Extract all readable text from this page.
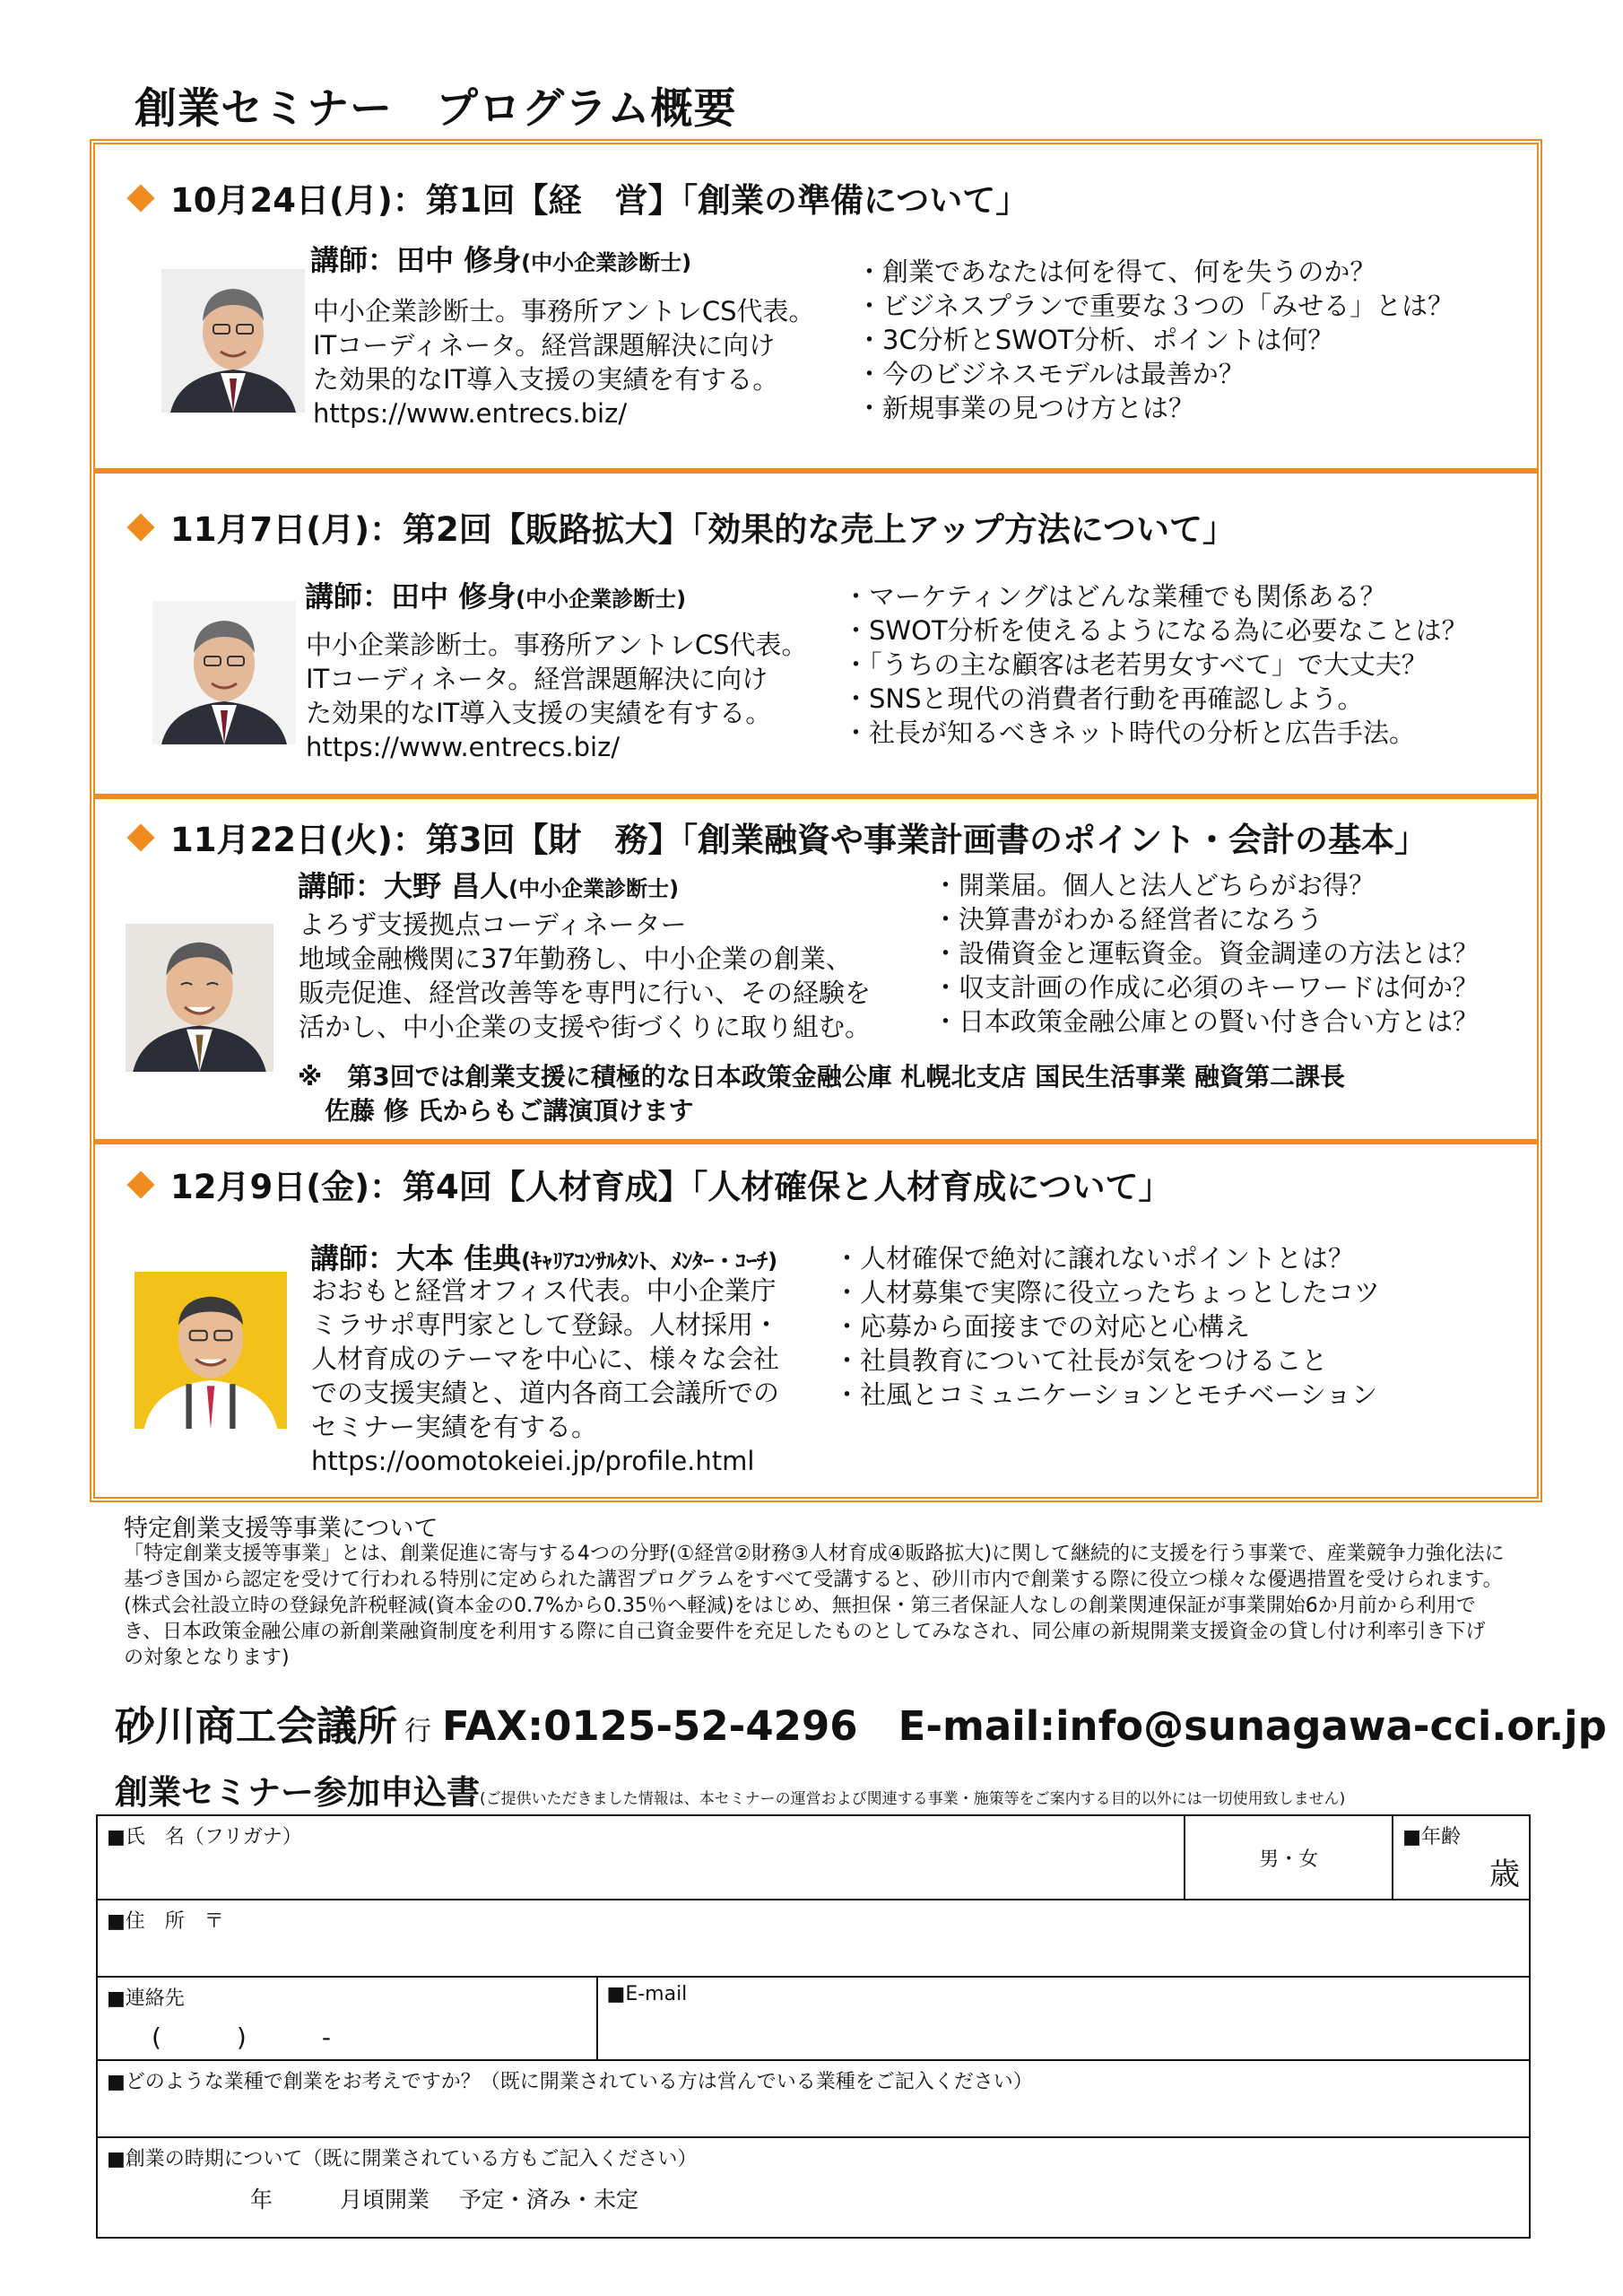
創業セミナー　プログラム概要
10月24日(月)：第1回【経　営】「創業の準備について」
講師：田中 修身(中小企業診断士)
中小企業診断士。事務所アントレCS代表。
ITコーディネータ。経営課題解決に向け
た効果的なIT導入支援の実績を有する。
https://www.entrecs.biz/
・ 創業であなたは何を得て、何を失うのか？
・ ビジネスプランで重要な３つの「みせる」とは？
・ 3C分析とSWOT分析、ポイントは何？
・ 今のビジネスモデルは最善か？
・ 新規事業の見つけ方とは？
11月7日(月)：第2回【販路拡大】「効果的な売上アップ方法について」
講師：田中 修身(中小企業診断士)
中小企業診断士。事務所アントレCS代表。
ITコーディネータ。経営課題解決に向け
た効果的なIT導入支援の実績を有する。
https://www.entrecs.biz/
・ マーケティングはどんな業種でも関係ある？
・ SWOT分析を使えるようになる為に必要なことは？
・ 「うちの主な顧客は老若男女すべて」で大丈夫？
・ SNSと現代の消費者行動を再確認しよう。
・ 社長が知るべきネット時代の分析と広告手法。
11月22日(火)：第3回【財　務】「創業融資や事業計画書のポイント・会計の基本」
講師：大野 昌人(中小企業診断士)
よろず支援拠点コーディネーター
地域金融機関に37年勤務し、中小企業の創業、
販売促進、経営改善等を専門に行い、その経験を
活かし、中小企業の支援や街づくりに取り組む。
・ 開業届。個人と法人どちらがお得？
・ 決算書がわかる経営者になろう
・ 設備資金と運転資金。資金調達の方法とは？
・ 収支計画の作成に必須のキーワードは何か？
・ 日本政策金融公庫との賢い付き合い方とは？
※　第3回では創業支援に積極的な日本政策金融公庫 札幌北支店 国民生活事業 融資第二課長
佐藤 修 氏からもご講演頂けます
12月9日(金)：第4回【人材育成】「人材確保と人材育成について」
講師：大本 佳典(ｷｬﾘｱｺﾝｻﾙﾀﾝﾄ、ﾒﾝﾀｰ・ｺｰﾁ)
おおもと経営オフィス代表。中小企業庁
ミラサポ専門家として登録。人材採用・
人材育成のテーマを中心に、様々な会社
での支援実績と、道内各商工会議所での
セミナー実績を有する。
https://oomotokeiei.jp/profile.html
・ 人材確保で絶対に譲れないポイントとは？
・ 人材募集で実際に役立ったちょっとしたコツ
・ 応募から面接までの対応と心構え
・ 社員教育について社長が気をつけること
・ 社風とコミュニケーションとモチベーション
特定創業支援等事業について
「特定創業支援等事業」とは、創業促進に寄与する4つの分野(①経営②財務③人材育成④販路拡大)に関して継続的に支援を行う事業で、産業競争力強化法に基づき国から認定を受けて行われる特別に定められた講習プログラムをすべて受講すると、砂川市内で創業する際に役立つ様々な優遇措置を受けられます。(株式会社設立時の登録免許税軽減(資本金の0.7%から0.35％へ軽減)をはじめ、無担保・第三者保証人なしの創業関連保証が事業開始6か月前から利用でき、日本政策金融公庫の新創業融資制度を利用する際に自己資金要件を充足したものとしてみなされ、同公庫の新規開業支援資金の貸し付け利率引き下げの対象となります)
砂川商工会議所 行 FAX:0125-52-4296　 E-mail:info@sunagawa-cci.or.jp
創業セミナー参加申込書(ご提供いただきました情報は、本セミナーの運営および関連する事業・施策等をご案内する目的以外には一切使用致しません)
■ 氏　名（フリガナ）		男・女	■ 年齢
歳

■ 住　所　〒

■ 連絡先
(　　　)　　　-	■ E-mail
■ どのような業種で創業をお考えですか？（既に開業されている方は営んでいる業種をご記入ください）

■ 創業の時期について（既に開業されている方もご記入ください）
年　　　月頃開業　 予定・済み・未定
